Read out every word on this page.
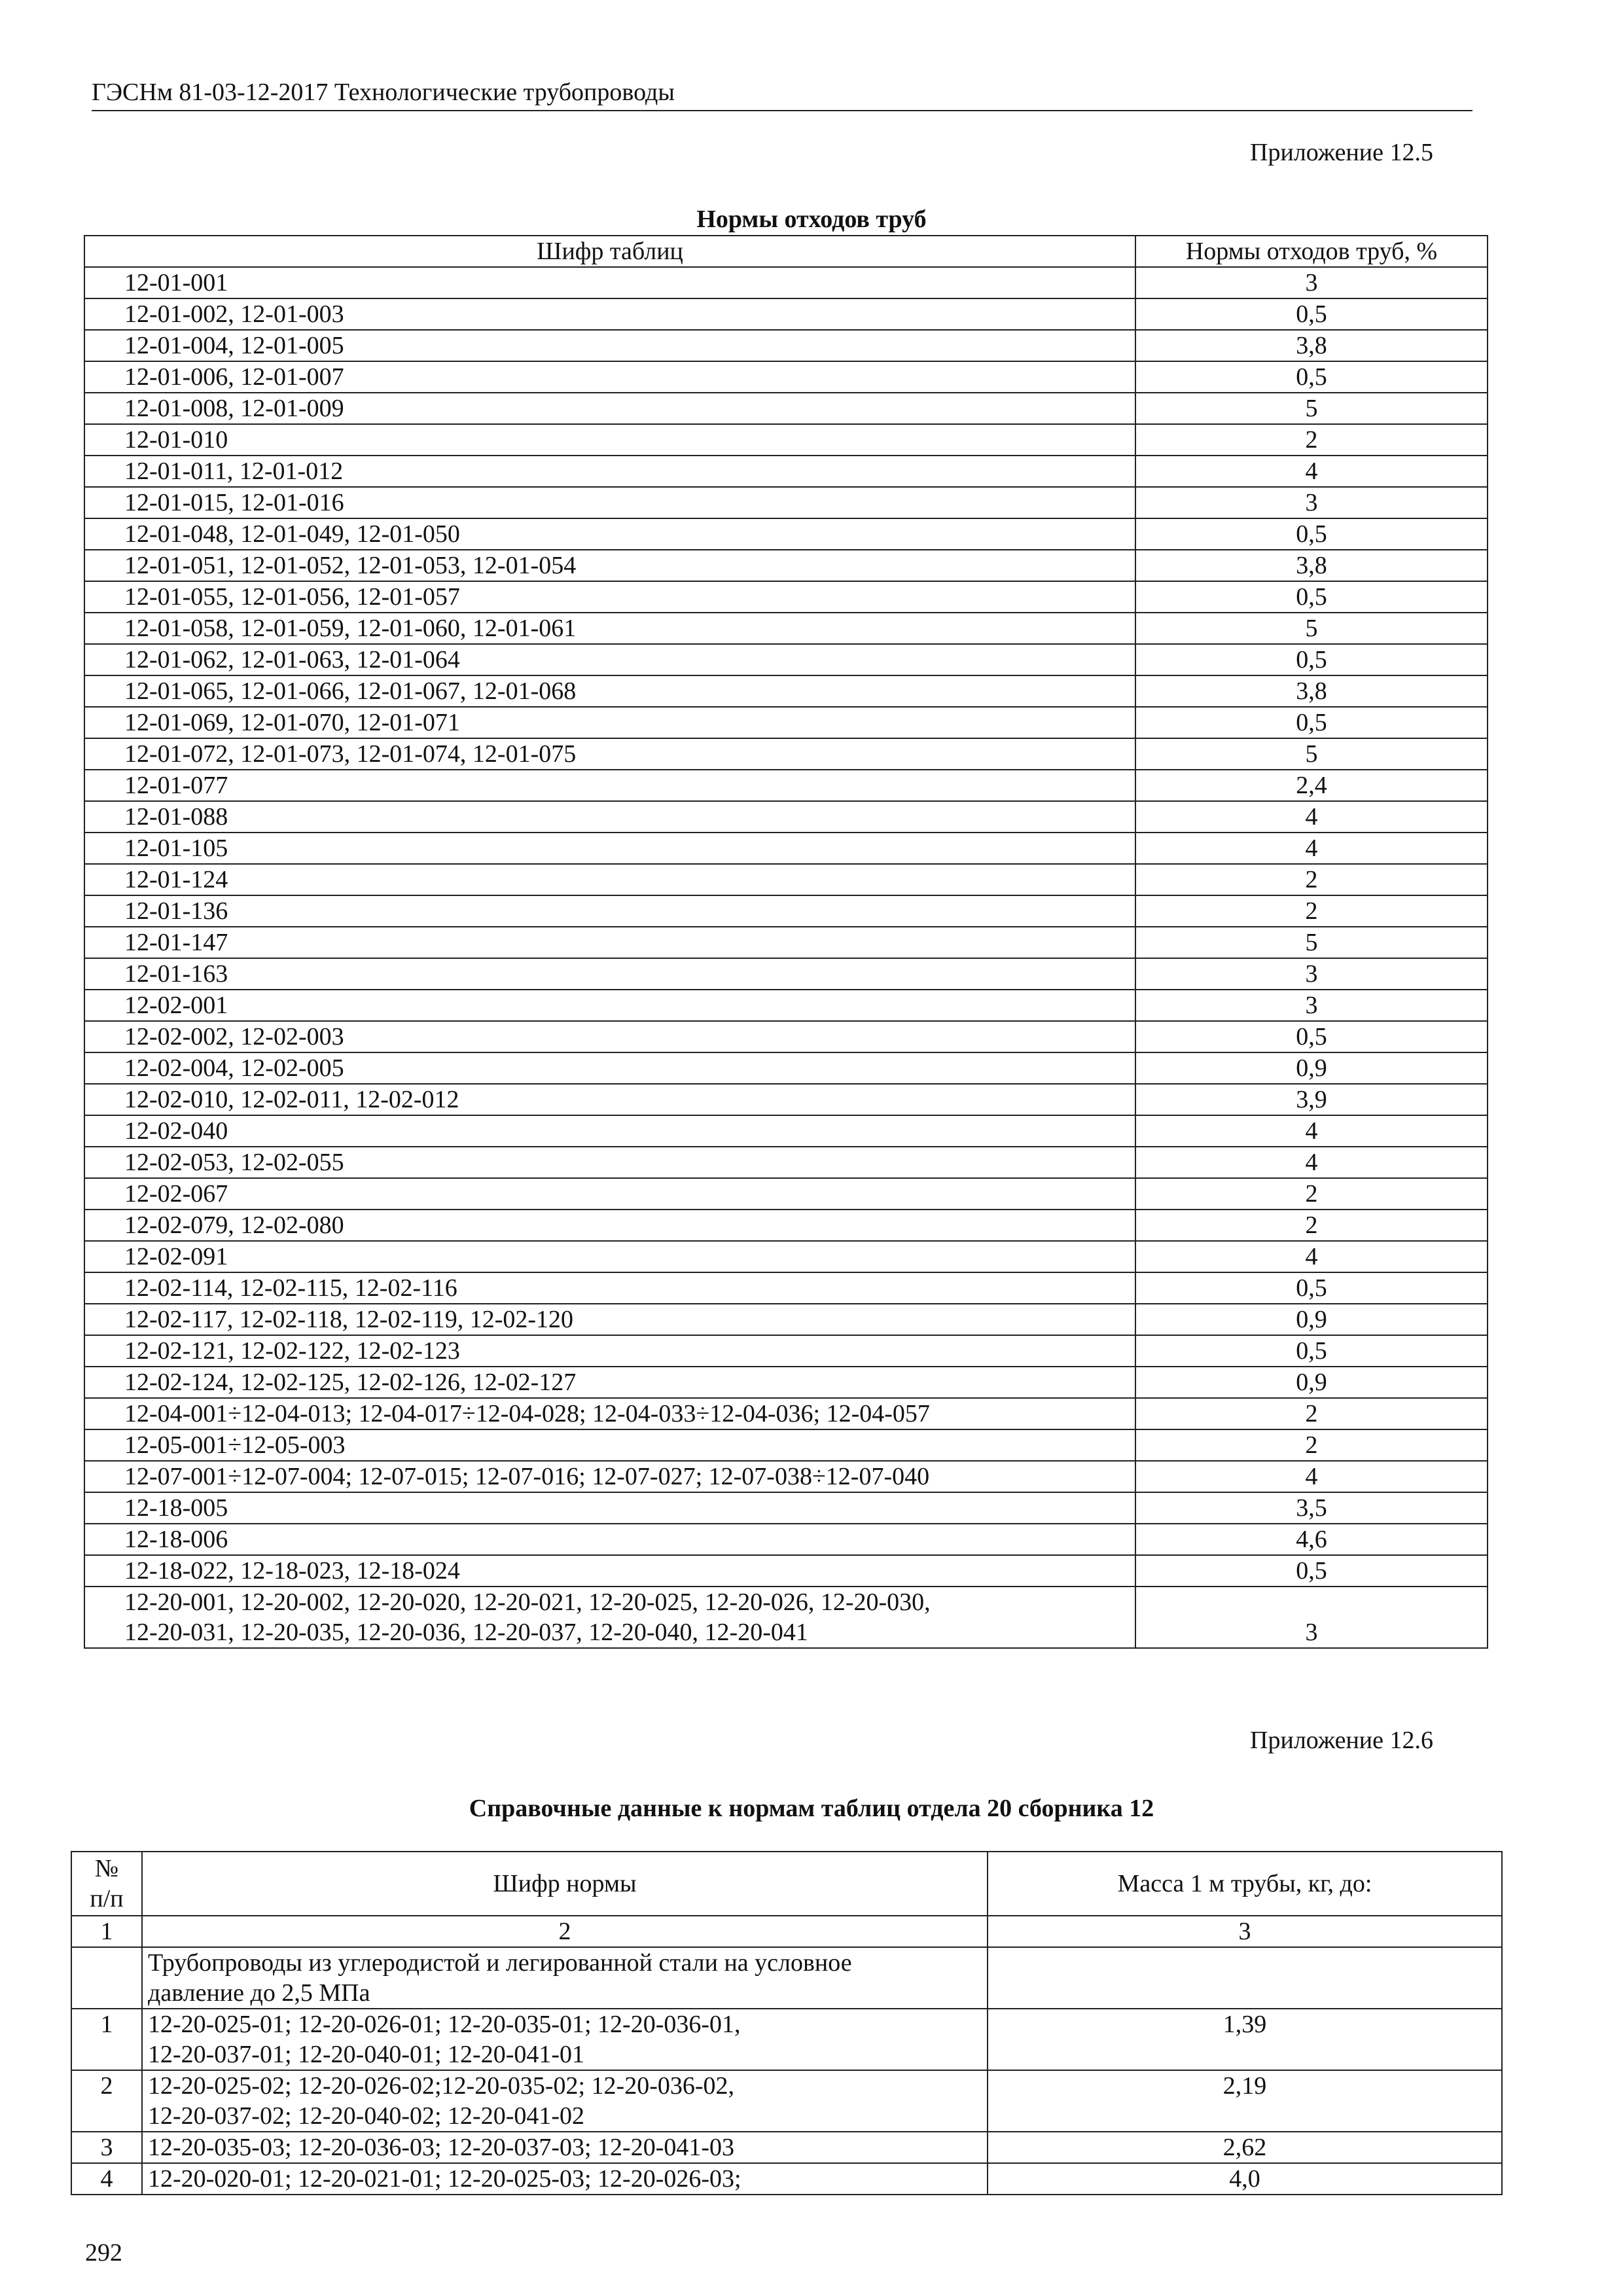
ГЭСНм 81-03-12-2017 Технологические трубопроводы
Приложение 12.5
Нормы отходов труб
Шифр таблиц	Нормы отходов труб, %
12-01-001	3
12-01-002, 12-01-003	0,5
12-01-004, 12-01-005	3,8
12-01-006, 12-01-007	0,5
12-01-008, 12-01-009	5
12-01-010	2
12-01-011, 12-01-012	4
12-01-015, 12-01-016	3
12-01-048, 12-01-049, 12-01-050	0,5
12-01-051, 12-01-052, 12-01-053, 12-01-054	3,8
12-01-055, 12-01-056, 12-01-057	0,5
12-01-058, 12-01-059, 12-01-060, 12-01-061	5
12-01-062, 12-01-063, 12-01-064	0,5
12-01-065, 12-01-066, 12-01-067, 12-01-068	3,8
12-01-069, 12-01-070, 12-01-071	0,5
12-01-072, 12-01-073, 12-01-074, 12-01-075	5
12-01-077	2,4
12-01-088	4
12-01-105	4
12-01-124	2
12-01-136	2
12-01-147	5
12-01-163	3
12-02-001	3
12-02-002, 12-02-003	0,5
12-02-004, 12-02-005	0,9
12-02-010, 12-02-011, 12-02-012	3,9
12-02-040	4
12-02-053, 12-02-055	4
12-02-067	2
12-02-079, 12-02-080	2
12-02-091	4
12-02-114, 12-02-115, 12-02-116	0,5
12-02-117, 12-02-118, 12-02-119, 12-02-120	0,9
12-02-121, 12-02-122, 12-02-123	0,5
12-02-124, 12-02-125, 12-02-126, 12-02-127	0,9
12-04-001÷12-04-013; 12-04-017÷12-04-028; 12-04-033÷12-04-036; 12-04-057	2
12-05-001÷12-05-003	2
12-07-001÷12-07-004; 12-07-015; 12-07-016; 12-07-027; 12-07-038÷12-07-040	4
12-18-005	3,5
12-18-006	4,6
12-18-022, 12-18-023, 12-18-024	0,5

12-20-001, 12-20-002, 12-20-020, 12-20-021, 12-20-025, 12-20-026, 12-20-030,
12-20-031, 12-20-035, 12-20-036, 12-20-037, 12-20-040, 12-20-041	3
Приложение 12.6
Справочные данные к нормам таблиц отдела 20 сборника 12
№
п/п	Шифр нормы	Масса 1 м трубы, кг, до:
1	2	3

	Трубопроводы из углеродистой и легированной стали на условное
давление до 2,5 МПа	

1	12-20-025-01; 12-20-026-01; 12-20-035-01; 12-20-036-01,
12-20-037-01; 12-20-040-01; 12-20-041-01	1,39
2	12-20-025-02; 12-20-026-02;12-20-035-02; 12-20-036-02,
12-20-037-02; 12-20-040-02; 12-20-041-02	2,19
3	12-20-035-03; 12-20-036-03; 12-20-037-03; 12-20-041-03	2,62
4	12-20-020-01; 12-20-021-01; 12-20-025-03; 12-20-026-03;	4,0
292
